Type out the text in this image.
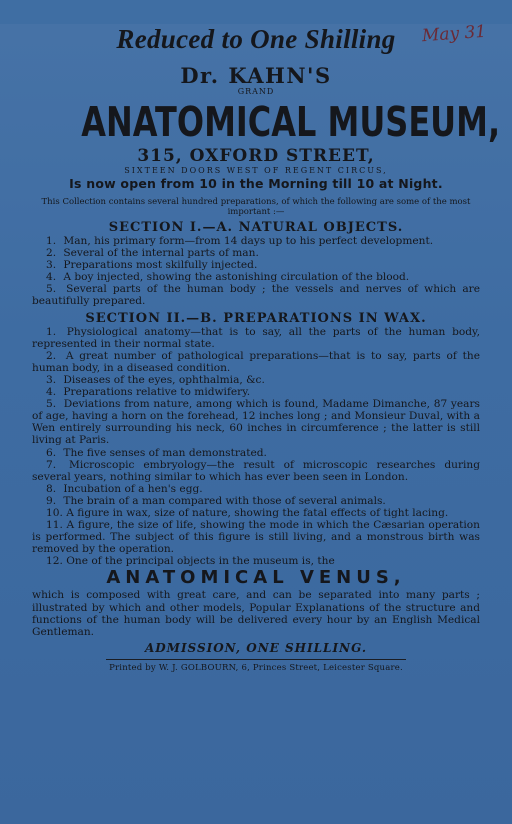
May 31
Reduced to One Shilling
Dr. KAHN'S
GRAND
ANATOMICAL MUSEUM,
315, OXFORD STREET,
SIXTEEN DOORS WEST OF REGENT CIRCUS,
Is now open from 10 in the Morning till 10 at Night.
This Collection contains several hundred preparations, of which the following are some of the most important :—
SECTION I.—A. NATURAL OBJECTS.
1. Man, his primary form—from 14 days up to his perfect development.
2. Several of the internal parts of man.
3. Preparations most skilfully injected.
4. A boy injected, showing the astonishing circulation of the blood.
5. Several parts of the human body ; the vessels and nerves of which are beautifully prepared.
SECTION II.—B. PREPARATIONS IN WAX.
1. Physiological anatomy—that is to say, all the parts of the human body, represented in their normal state.
2. A great number of pathological preparations—that is to say, parts of the human body, in a diseased condition.
3. Diseases of the eyes, ophthalmia, &c.
4. Preparations relative to midwifery.
5. Deviations from nature, among which is found, Madame Dimanche, 87 years of age, having a horn on the forehead, 12 inches long ; and Monsieur Duval, with a Wen entirely surrounding his neck, 60 inches in circumference ; the latter is still living at Paris.
6. The five senses of man demonstrated.
7. Microscopic embryology—the result of microscopic researches during several years, nothing similar to which has ever been seen in London.
8. Incubation of a hen's egg.
9. The brain of a man compared with those of several animals.
10. A figure in wax, size of nature, showing the fatal effects of tight lacing.
11. A figure, the size of life, showing the mode in which the Cæsarian operation is performed. The subject of this figure is still living, and a monstrous birth was removed by the operation.
12. One of the principal objects in the museum is, the
ANATOMICAL VENUS,
which is composed with great care, and can be separated into many parts ; illustrated by which and other models, Popular Explanations of the structure and functions of the human body will be delivered every hour by an English Medical Gentleman.
ADMISSION, ONE SHILLING.
Printed by W. J. GOLBOURN, 6, Princes Street, Leicester Square.
